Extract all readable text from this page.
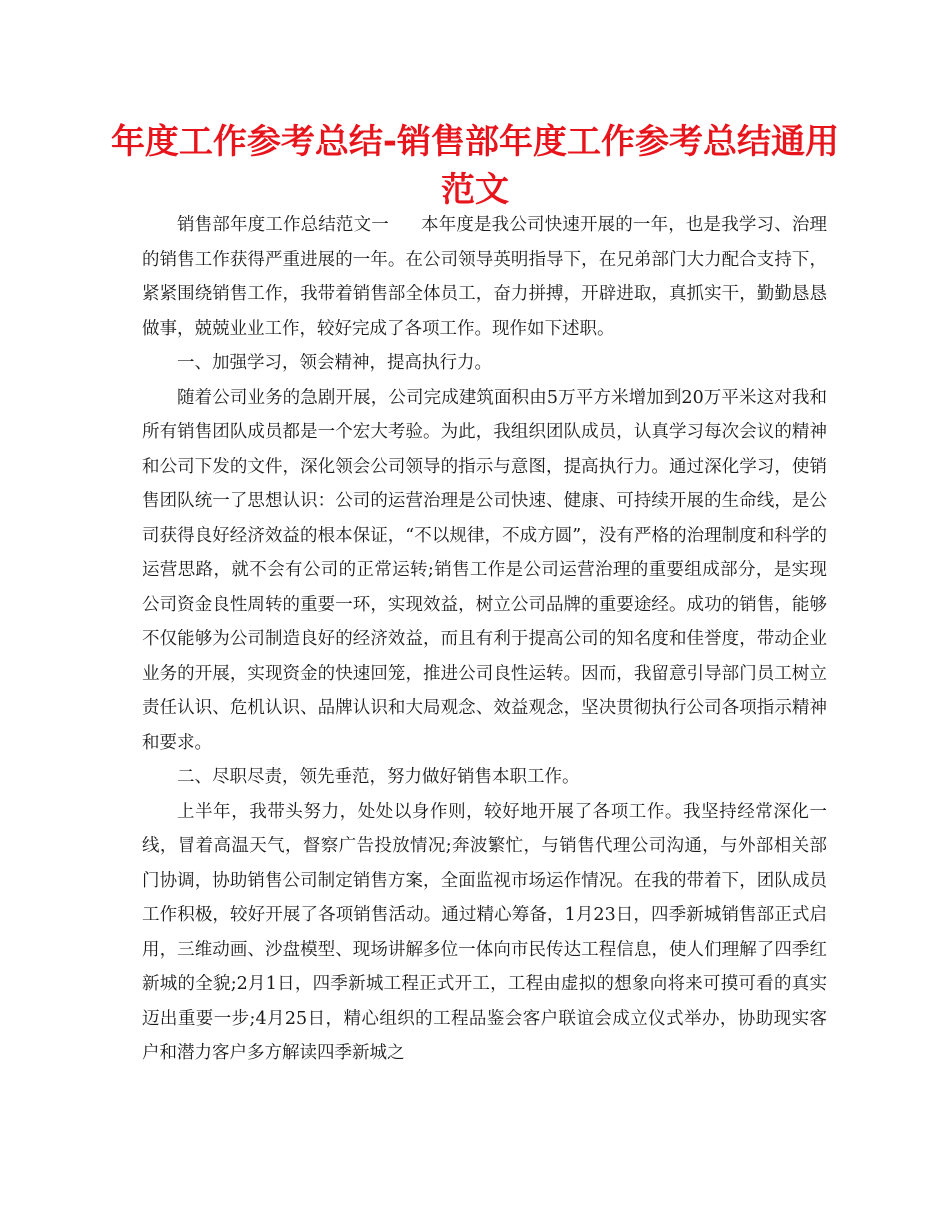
年度工作参考总结-销售部年度工作参考总结通用范文

销售部年度工作总结范文一 本年度是我公司快速开展的一年，也是我学习、治理的销售工作获得严重进展的一年。在公司领导英明指导下，在兄弟部门大力配合支持下，紧紧围绕销售工作，我带着销售部全体员工，奋力拼搏，开辟进取，真抓实干，勤勤恳恳做事，兢兢业业工作，较好完成了各项工作。现作如下述职。

一、加强学习，领会精神，提高执行力。

随着公司业务的急剧开展，公司完成建筑面积由5万平方米增加到20万平米这对我和所有销售团队成员都是一个宏大考验。为此，我组织团队成员，认真学习每次会议的精神和公司下发的文件，深化领会公司领导的指示与意图，提高执行力。通过深化学习，使销售团队统一了思想认识：公司的运营治理是公司快速、健康、可持续开展的生命线，是公司获得良好经济效益的根本保证，“不以规律，不成方圆”，没有严格的治理制度和科学的运营思路，就不会有公司的正常运转;销售工作是公司运营治理的重要组成部分，是实现公司资金良性周转的重要一环，实现效益，树立公司品牌的重要途经。成功的销售，能够不仅能够为公司制造良好的经济效益，而且有利于提高公司的知名度和佳誉度，带动企业业务的开展，实现资金的快速回笼，推进公司良性运转。因而，我留意引导部门员工树立责任认识、危机认识、品牌认识和大局观念、效益观念，坚决贯彻执行公司各项指示精神和要求。

二、尽职尽责，领先垂范，努力做好销售本职工作。

上半年，我带头努力，处处以身作则，较好地开展了各项工作。我坚持经常深化一线，冒着高温天气，督察广告投放情况;奔波繁忙，与销售代理公司沟通，与外部相关部门协调，协助销售公司制定销售方案，全面监视市场运作情况。在我的带着下，团队成员工作积极，较好开展了各项销售活动。通过精心筹备，1月23日，四季新城销售部正式启用，三维动画、沙盘模型、现场讲解多位一体向市民传达工程信息，使人们理解了四季红新城的全貌;2月1日，四季新城工程正式开工，工程由虚拟的想象向将来可摸可看的真实迈出重要一步;4月25日，精心组织的工程品鉴会客户联谊会成立仪式举办，协助现实客户和潜力客户多方解读四季新城之
